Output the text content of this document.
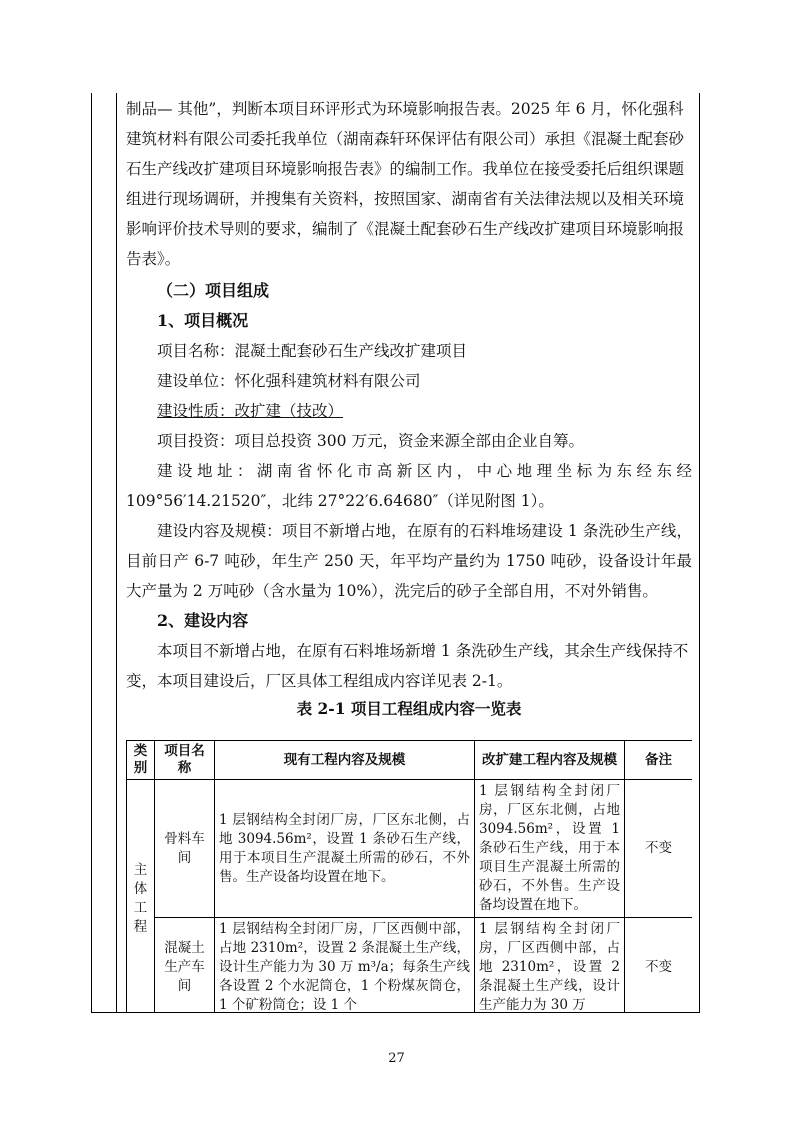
制品— 其他”，判断本项目环评形式为环境影响报告表。2025 年 6 月，怀化强科建筑材料有限公司委托我单位（湖南森轩环保评估有限公司）承担《混凝土配套砂石生产线改扩建项目环境影响报告表》的编制工作。我单位在接受委托后组织课题组进行现场调研，并搜集有关资料，按照国家、湖南省有关法律法规以及相关环境影响评价技术导则的要求，编制了《混凝土配套砂石生产线改扩建项目环境影响报告表》。

（二）项目组成

1、项目概况

项目名称：混凝土配套砂石生产线改扩建项目

建设单位：怀化强科建筑材料有限公司

建设性质：改扩建（技改）

项目投资：项目总投资 300 万元，资金来源全部由企业自筹。

建设地址：湖南省怀化市高新区内，中心地理坐标为东经东经 109°56′14.21520″，北纬 27°22′6.64680″（详见附图 1）。

建设内容及规模：项目不新增占地，在原有的石料堆场建设 1 条洗砂生产线，目前日产 6-7 吨砂，年生产 250 天，年平均产量约为 1750 吨砂，设备设计年最大产量为 2 万吨砂（含水量为 10%），洗完后的砂子全部自用，不对外销售。

2、建设内容

本项目不新增占地，在原有石料堆场新增 1 条洗砂生产线，其余生产线保持不变，本项目建设后，厂区具体工程组成内容详见表 2-1。

表 2-1 项目工程组成内容一览表

类别	项目名 称	现有工程内容及规模	改扩建工程内容及规模	备注
主体工程	骨料车间	1 层钢结构全封闭厂房，厂区东北侧，占地 3094.56m²，设置 1 条砂石生产线，用于本项目生产混凝土所需的砂石，不外售。生产设备均设置在地下。	1 层钢结构全封闭厂房，厂区东北侧，占地 3094.56m²，设置 1 条砂石生产线，用于本项目生产混凝土所需的砂石，不外售。生产设备均设置在地下。	不变
	混凝土生产车间	1 层钢结构全封闭厂房，厂区西侧中部，占地 2310m²，设置 2 条混凝土生产线，设计生产能力为 30 万 m³/a；每条生产线各设置 2 个水泥筒仓，1 个粉煤灰筒仓，1 个矿粉筒仓；设 1 个	1 层钢结构全封闭厂房，厂区西侧中部，占地 2310m²，设置 2 条混凝土生产线，设计生产能力为 30 万	不变
27
